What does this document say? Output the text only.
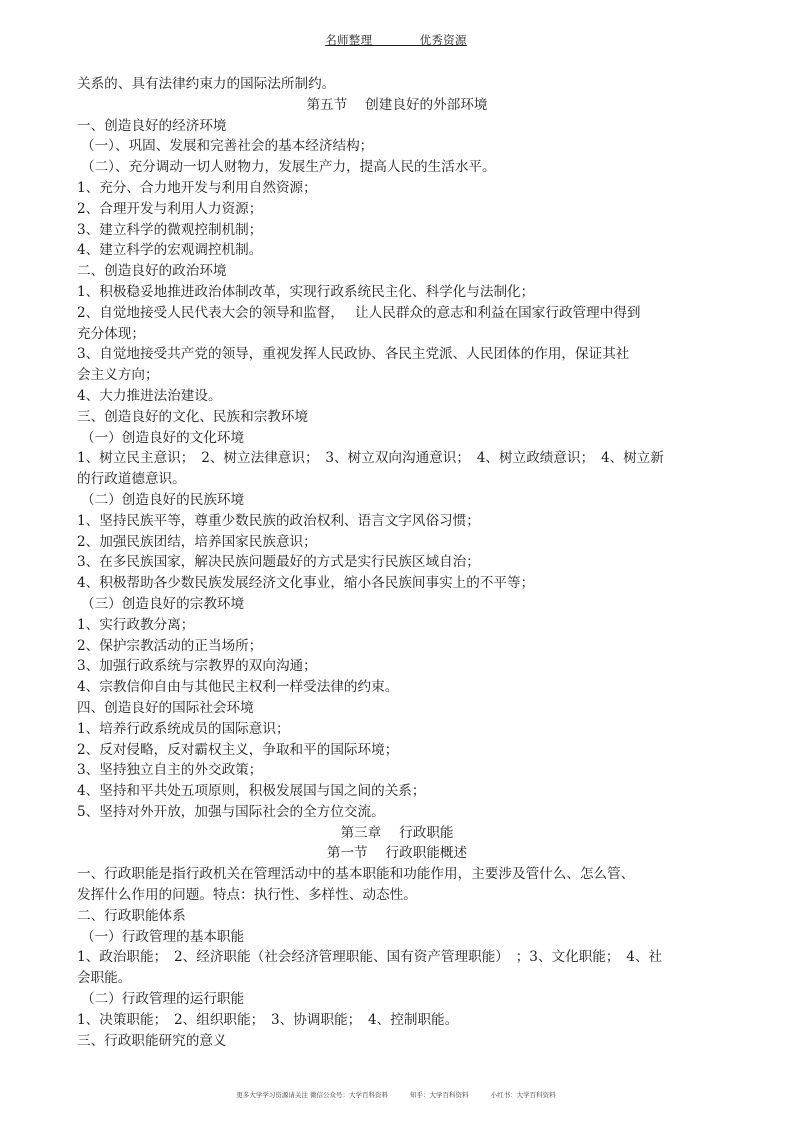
名师整理＿＿＿＿优秀资源
关系的、具有法律约束力的国际法所制约。
第五节　 创建良好的外部环境
一、创造良好的经济环境
（一）、巩固、发展和完善社会的基本经济结构；
（二）、充分调动一切人财物力，发展生产力，提高人民的生活水平。
1、充分、合力地开发与利用自然资源；
2、合理开发与利用人力资源；
3、建立科学的微观控制机制；
4、建立科学的宏观调控机制。
二、创造良好的政治环境
1、积极稳妥地推进政治体制改革，实现行政系统民主化、科学化与法制化；
2、自觉地接受人民代表大会的领导和监督，　 让人民群众的意志和利益在国家行政管理中得到
充分体现；
3、自觉地接受共产党的领导，重视发挥人民政协、各民主党派、人民团体的作用，保证其社
会主义方向；
4、大力推进法治建设。
三、创造良好的文化、民族和宗教环境
（一）创造良好的文化环境
1、树立民主意识；　2、树立法律意识；　3、树立双向沟通意识；　4、树立政绩意识；　4、树立新
的行政道德意识。
（二）创造良好的民族环境
1、坚持民族平等，尊重少数民族的政治权利、语言文字风俗习惯；
2、加强民族团结，培养国家民族意识；
3、在多民族国家，解决民族问题最好的方式是实行民族区域自治；
4、积极帮助各少数民族发展经济文化事业，缩小各民族间事实上的不平等；
（三）创造良好的宗教环境
1、实行政教分离；
2、保护宗教活动的正当场所；
3、加强行政系统与宗教界的双向沟通；
4、宗教信仰自由与其他民主权利一样受法律的约束。
四、创造良好的国际社会环境
1、培养行政系统成员的国际意识；
2、反对侵略，反对霸权主义，争取和平的国际环境；
3、坚持独立自主的外交政策；
4、坚持和平共处五项原则，积极发展国与国之间的关系；
5、坚持对外开放，加强与国际社会的全方位交流。
第三章　 行政职能
第一节　 行政职能概述
一、行政职能是指行政机关在管理活动中的基本职能和功能作用，主要涉及管什么、怎么管、
发挥什么作用的问题。特点：执行性、多样性、动态性。
二、行政职能体系
（一）行政管理的基本职能
1、政治职能；　2、经济职能（社会经济管理职能、国有资产管理职能）　；3、文化职能；　4、社
会职能。
（二）行政管理的运行职能
1、决策职能；　2、组织职能；　3、协调职能；　4、控制职能。
三、行政职能研究的意义
更多大学学习资源请关注 微信公众号：大学百科资料	知乎：大学百科资料	小红书：大学百科资料
